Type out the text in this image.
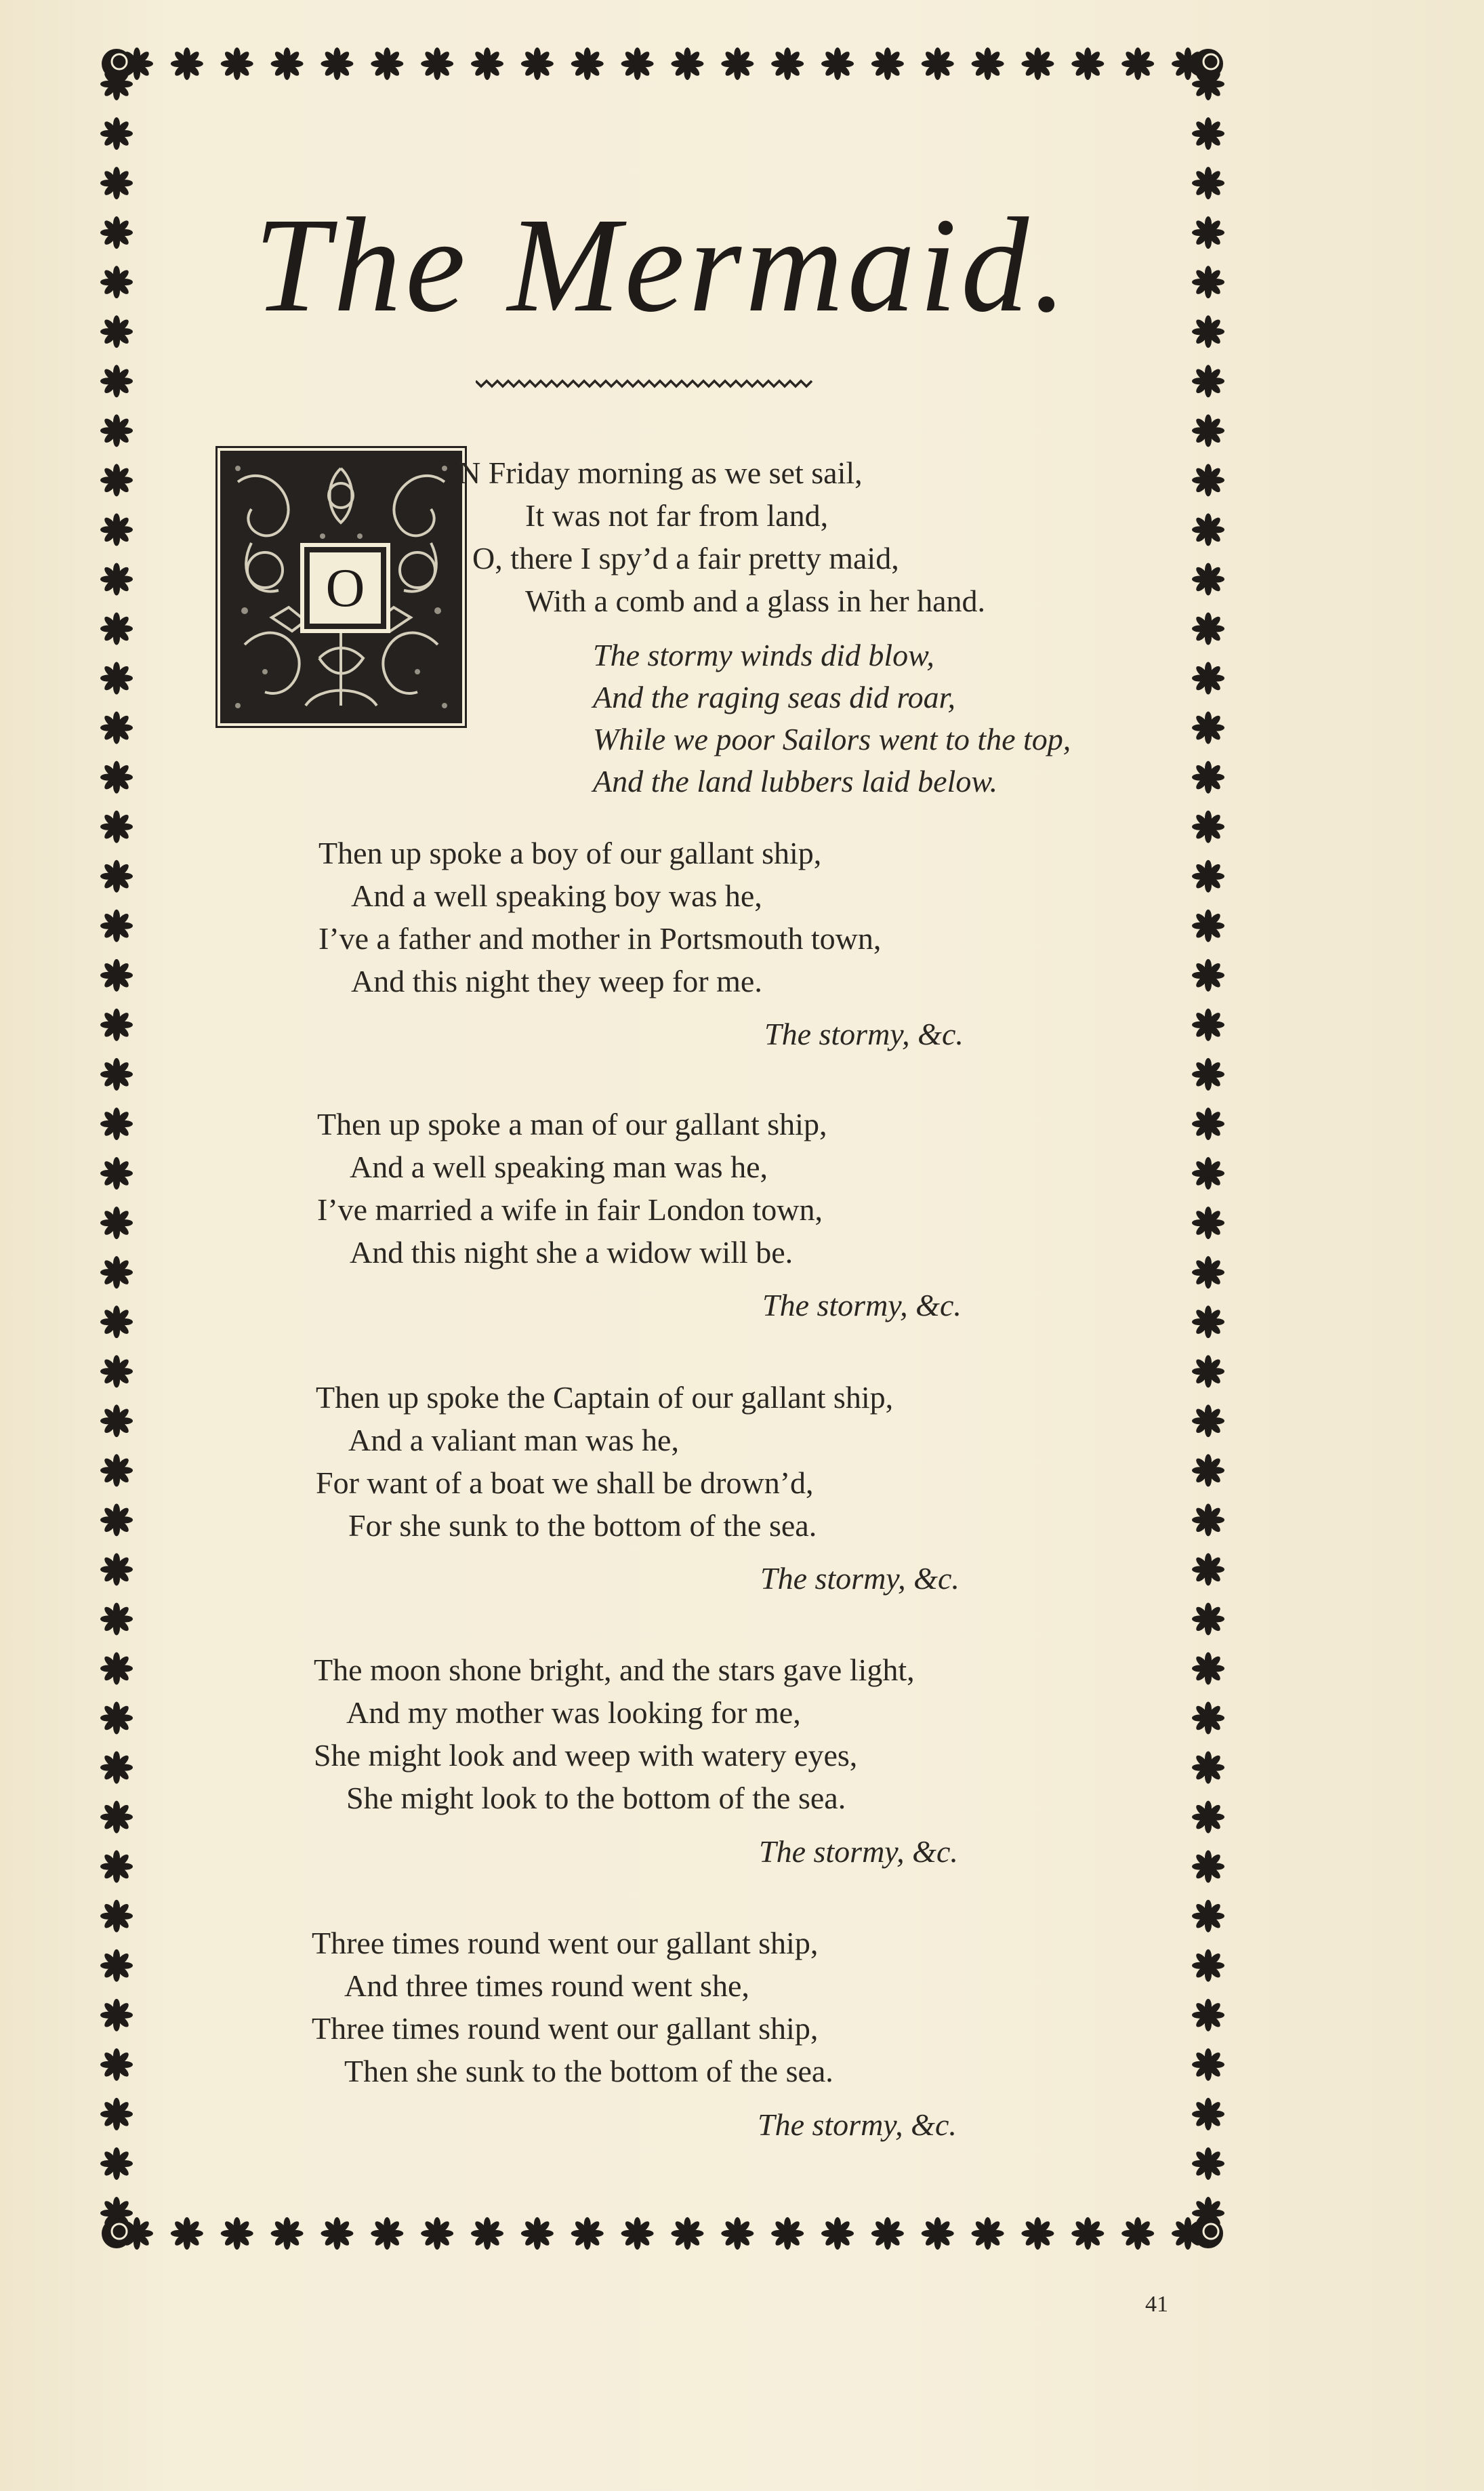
The Mermaid.
O
N Friday morning as we set sail,
It was not far from land,
O, there I spy’d a fair pretty maid,
With a comb and a glass in her hand.
The stormy winds did blow,
And the raging seas did roar,
While we poor Sailors went to the top,
And the land lubbers laid below.
Then up spoke a boy of our gallant ship,
And a well speaking boy was he,
I’ve a father and mother in Portsmouth town,
And this night they weep for me.
The stormy, &c.
Then up spoke a man of our gallant ship,
And a well speaking man was he,
I’ve married a wife in fair London town,
And this night she a widow will be.
The stormy, &c.
Then up spoke the Captain of our gallant ship,
And a valiant man was he,
For want of a boat we shall be drown’d,
For she sunk to the bottom of the sea.
The stormy, &c.
The moon shone bright, and the stars gave light,
And my mother was looking for me,
She might look and weep with watery eyes,
She might look to the bottom of the sea.
The stormy, &c.
Three times round went our gallant ship,
And three times round went she,
Three times round went our gallant ship,
Then she sunk to the bottom of the sea.
The stormy, &c.
41
